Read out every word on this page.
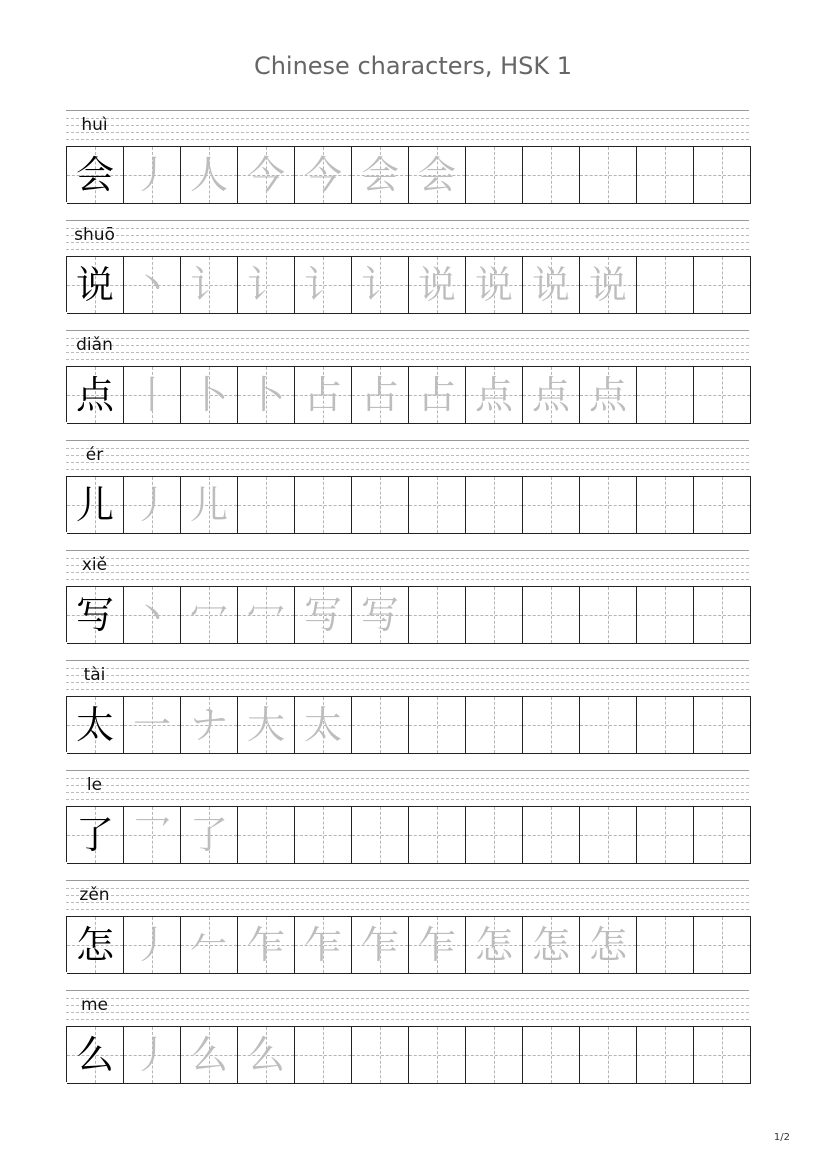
Chinese characters, HSK 1
huì
会 丿 人 今 今 会 会
shuō
说 丶 讠 讠 讠 讠 说 说 说 说
diǎn
点 丨 卜 卜 占 占 占 点 点 点
ér
儿 丿 儿
xiě
写 丶 冖 冖 写 写
tài
太 一 ナ 大 太
le
了 乛 了
zěn
怎 丿 𠂉 乍 乍 乍 乍 怎 怎 怎
me
么 丿 么 么
1/2
